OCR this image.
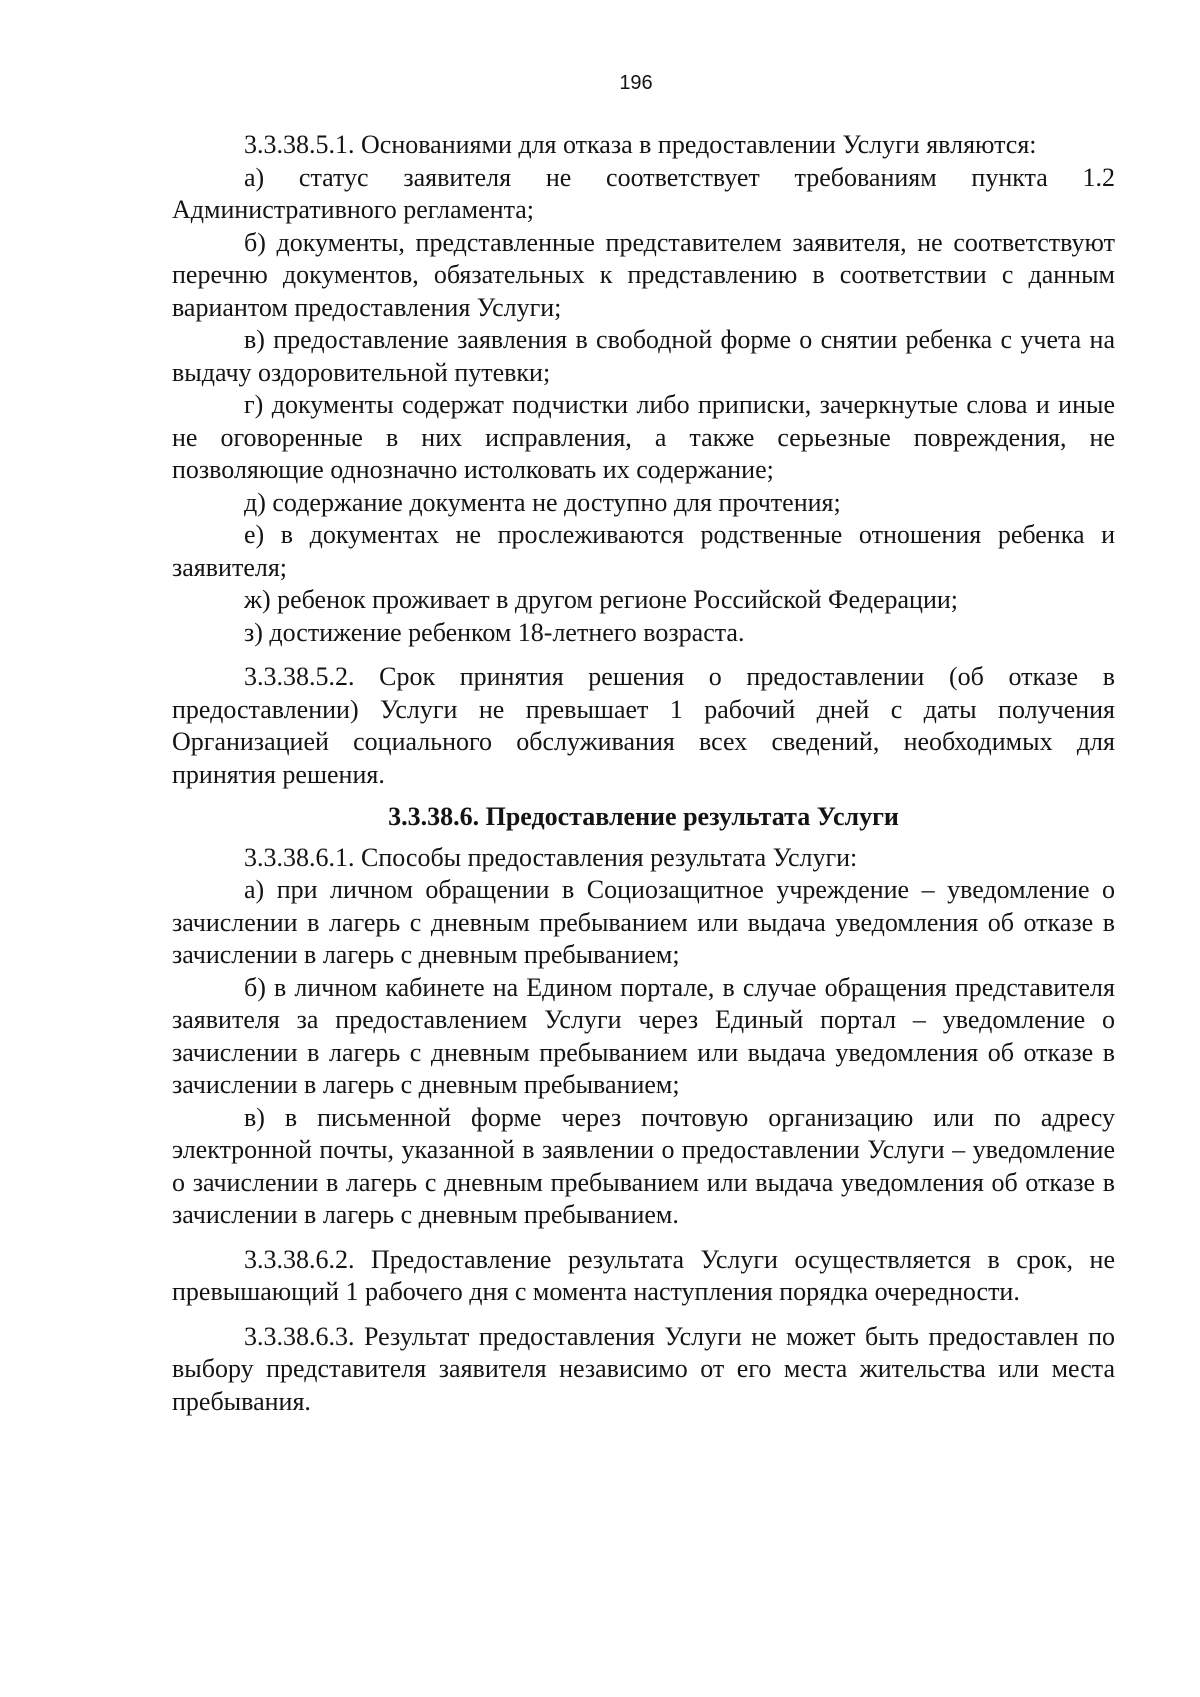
196

3.3.38.5.1. Основаниями для отказа в предоставлении Услуги являются:

а) статус заявителя не соответствует требованиям пункта 1.2 Административного регламента;

б) документы, представленные представителем заявителя, не соответствуют перечню документов, обязательных к представлению в соответствии с данным вариантом предоставления Услуги;

в) предоставление заявления в свободной форме о снятии ребенка с учета на выдачу оздоровительной путевки;

г) документы содержат подчистки либо приписки, зачеркнутые слова и иные не оговоренные в них исправления, а также серьезные повреждения, не позволяющие однозначно истолковать их содержание;

д) содержание документа не доступно для прочтения;

е) в документах не прослеживаются родственные отношения ребенка и заявителя;

ж) ребенок проживает в другом регионе Российской Федерации;

з) достижение ребенком 18-летнего возраста.

3.3.38.5.2. Срок принятия решения о предоставлении (об отказе в предоставлении) Услуги не превышает 1 рабочий дней с даты получения Организацией социального обслуживания всех сведений, необходимых для принятия решения.

3.3.38.6. Предоставление результата Услуги

3.3.38.6.1. Способы предоставления результата Услуги:

а) при личном обращении в Социозащитное учреждение – уведомление о зачислении в лагерь с дневным пребыванием или выдача уведомления об отказе в зачислении в лагерь с дневным пребыванием;

б) в личном кабинете на Едином портале, в случае обращения представителя заявителя за предоставлением Услуги через Единый портал – уведомление о зачислении в лагерь с дневным пребыванием или выдача уведомления об отказе в зачислении в лагерь с дневным пребыванием;

в) в письменной форме через почтовую организацию или по адресу электронной почты, указанной в заявлении о предоставлении Услуги – уведомление о зачислении в лагерь с дневным пребыванием или выдача уведомления об отказе в зачислении в лагерь с дневным пребыванием.

3.3.38.6.2. Предоставление результата Услуги осуществляется в срок, не превышающий 1 рабочего дня с момента наступления порядка очередности.

3.3.38.6.3. Результат предоставления Услуги не может быть предоставлен по выбору представителя заявителя независимо от его места жительства или места пребывания.
